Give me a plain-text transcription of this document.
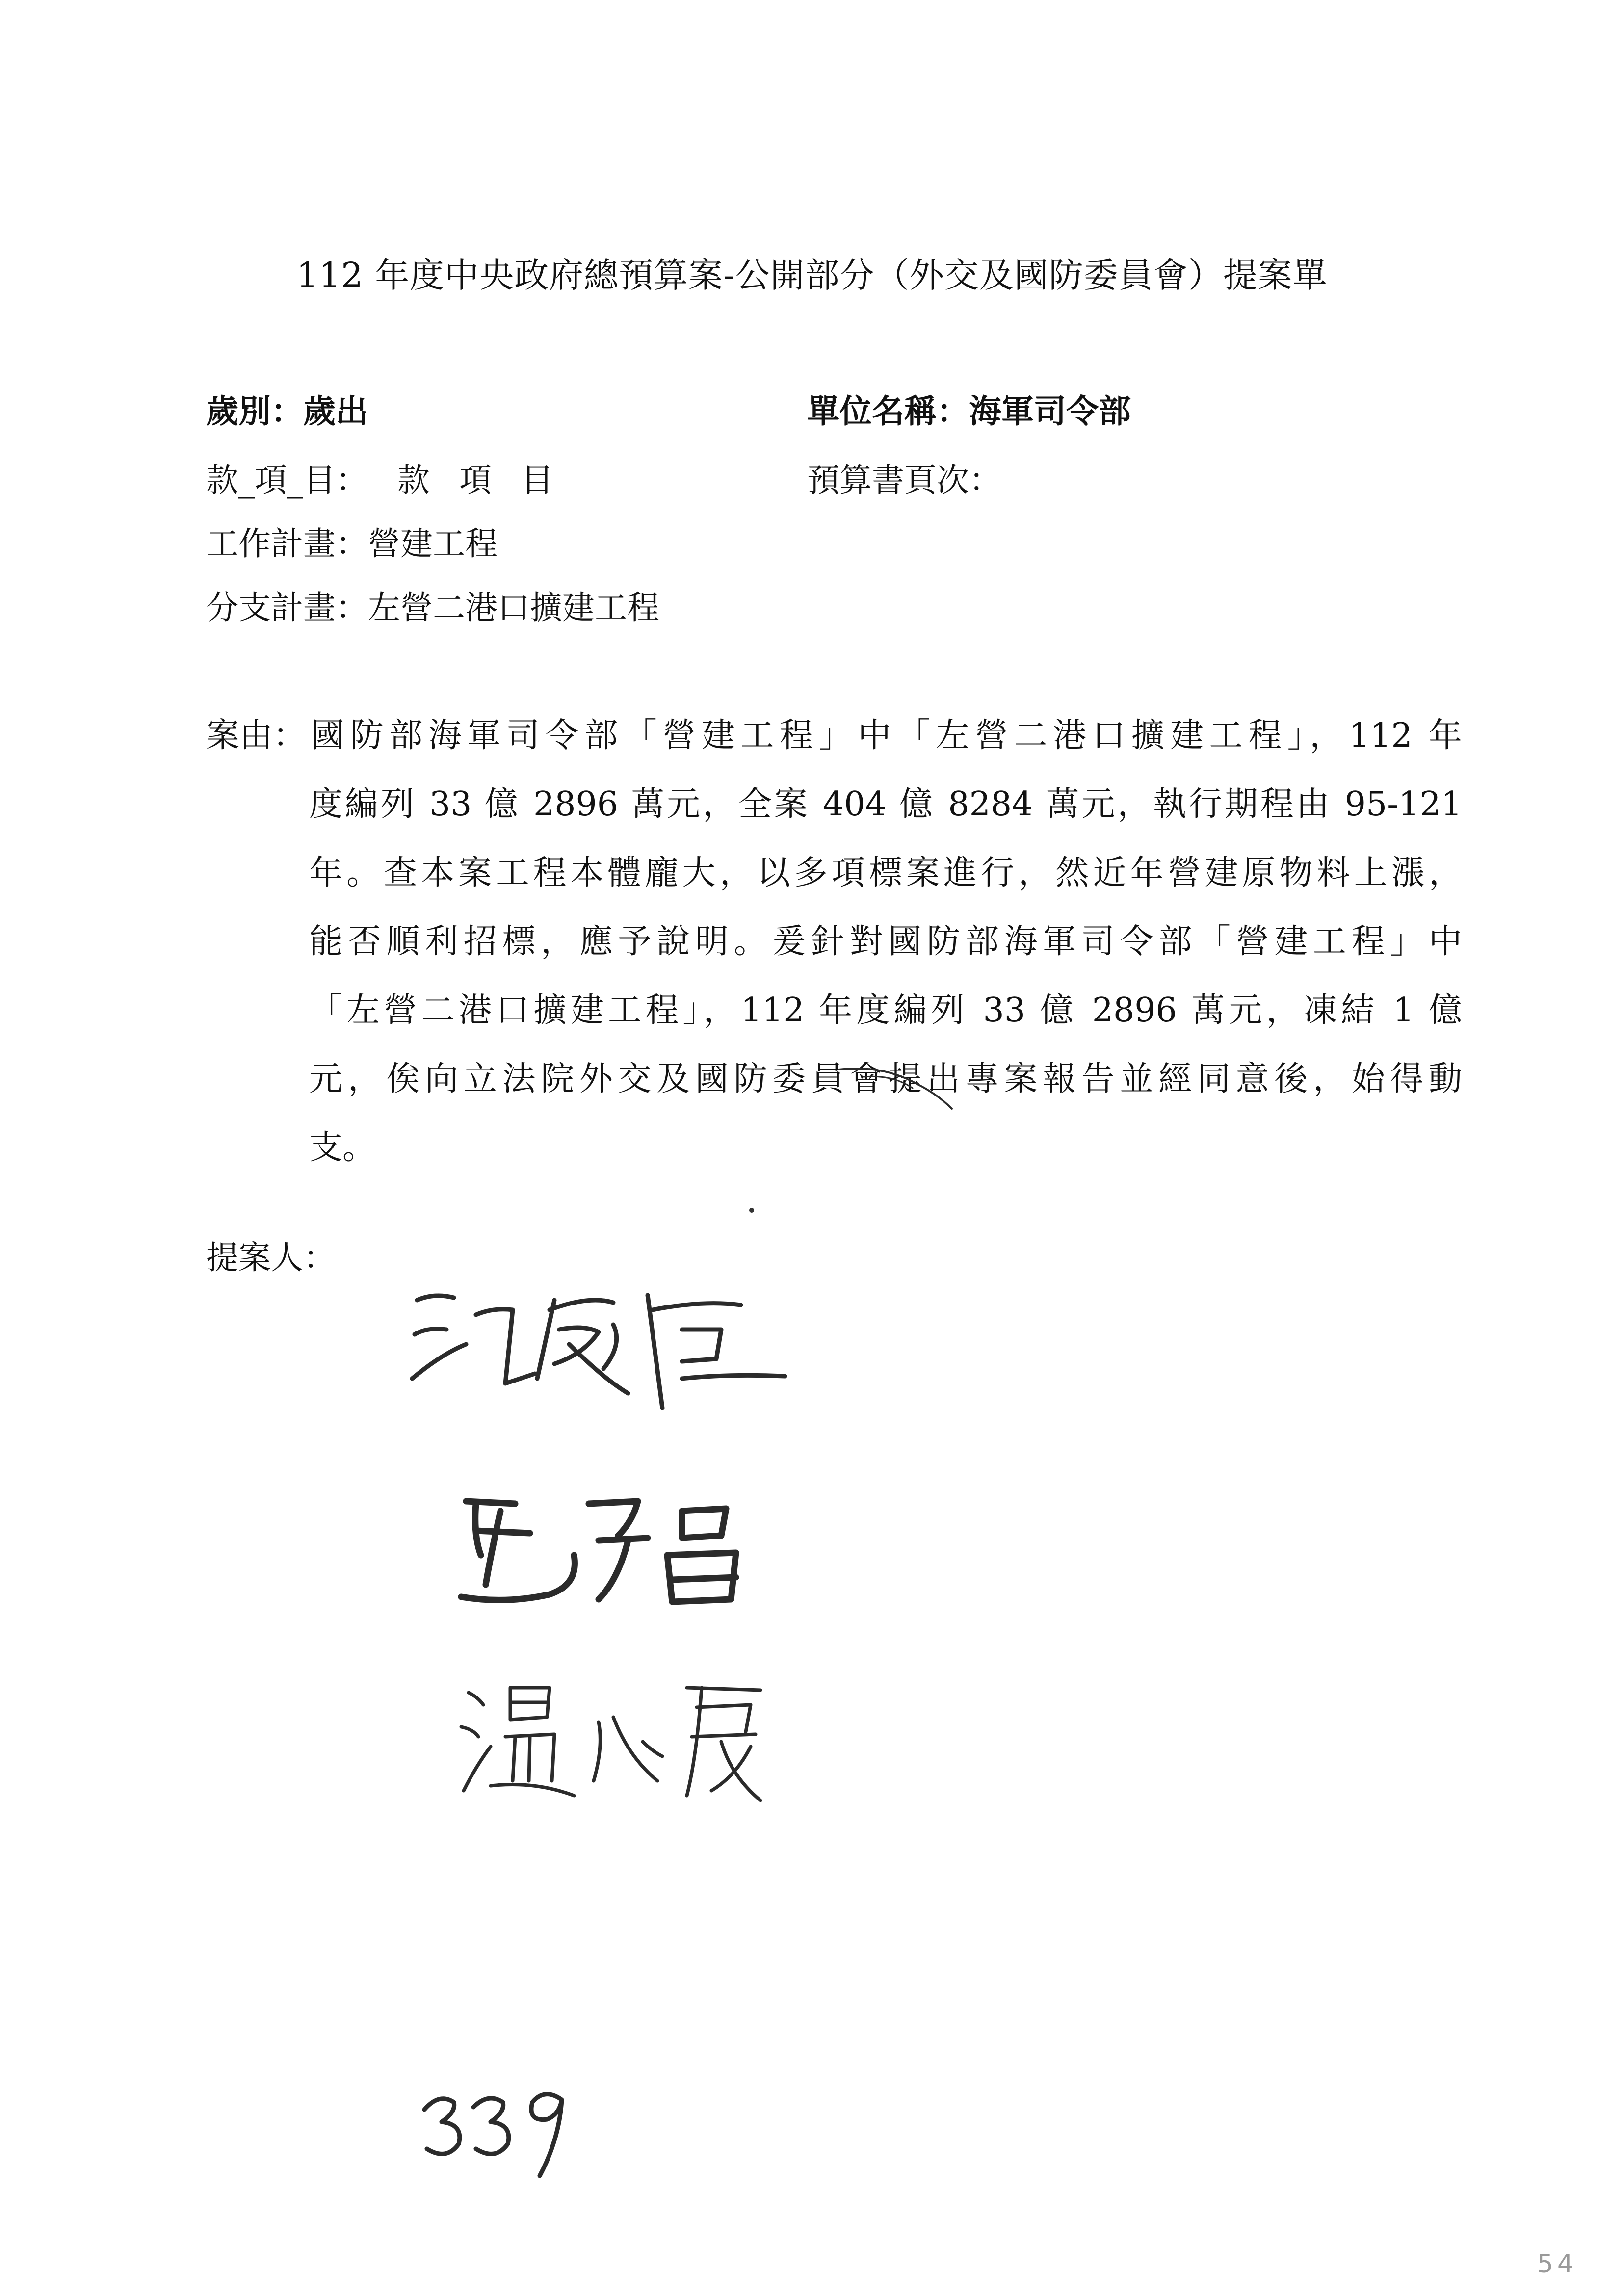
112 年度中央政府總預算案-公開部分（外交及國防委員會）提案單
歲別：歲出	單位名稱：海軍司令部
款_項_目： 款項目	預算書頁次：
工作計畫：營建工程
分支計畫：左營二港口擴建工程
案由： 國防部海軍司令部「營建工程」中「左營二港口擴建工程」，112 年
度編列 33 億 2896 萬元，全案 404 億 8284 萬元，執行期程由 95-121
年。查本案工程本體龐大，以多項標案進行，然近年營建原物料上漲，
能否順利招標，應予說明。爰針對國防部海軍司令部「營建工程」中
「左營二港口擴建工程」，112 年度編列 33 億 2896 萬元，凍結 1 億
元，俟向立法院外交及國防委員會提出專案報告並經同意後，始得動
支。
提案人：
54
